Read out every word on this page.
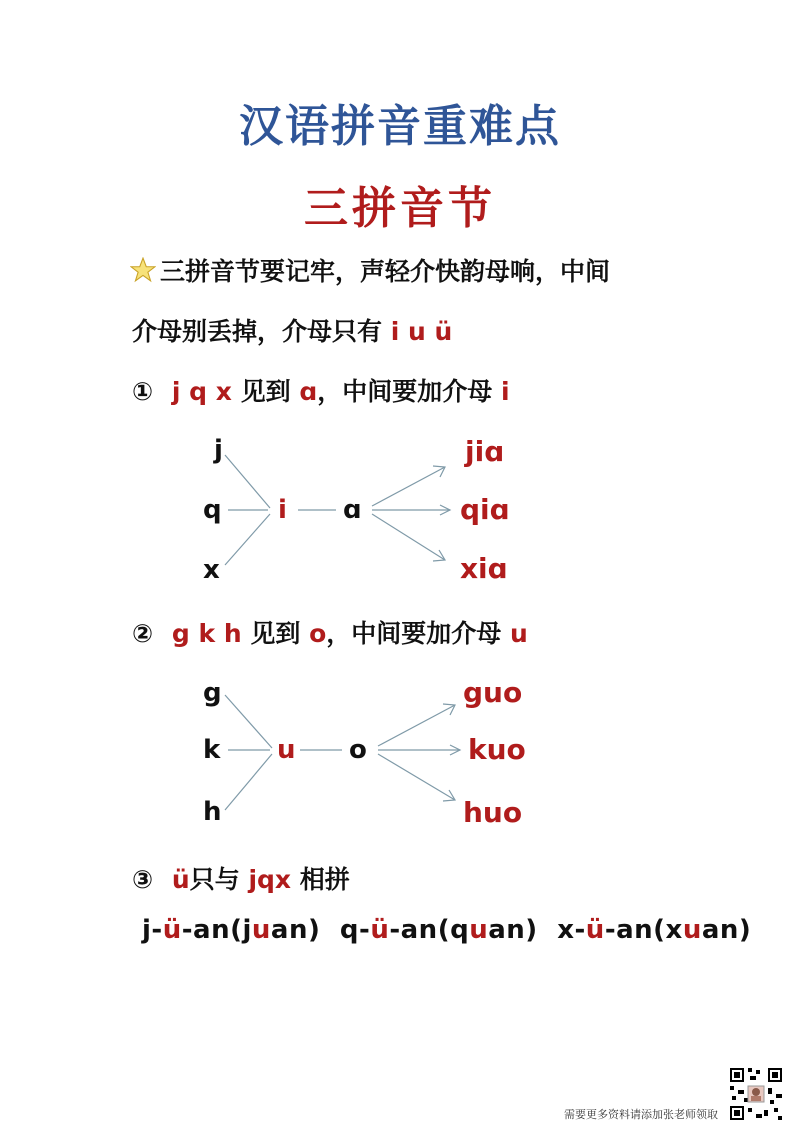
汉语拼音重难点
三拼音节
三拼音节要记牢，声轻介快韵母响，中间
介母别丢掉，介母只有 i u ü
① j q x 见到 ɑ，中间要加介母 i
j
q
x
i ɑ
jiɑ
qiɑ
xiɑ
② g k h 见到 o，中间要加介母 u
g
k
h
u o
guo
kuo
huo
③ ü只与 jqx 相拼
j-ü-an(juan) q-ü-an(quan) x-ü-an(xuan)
需要更多资料请添加张老师领取
